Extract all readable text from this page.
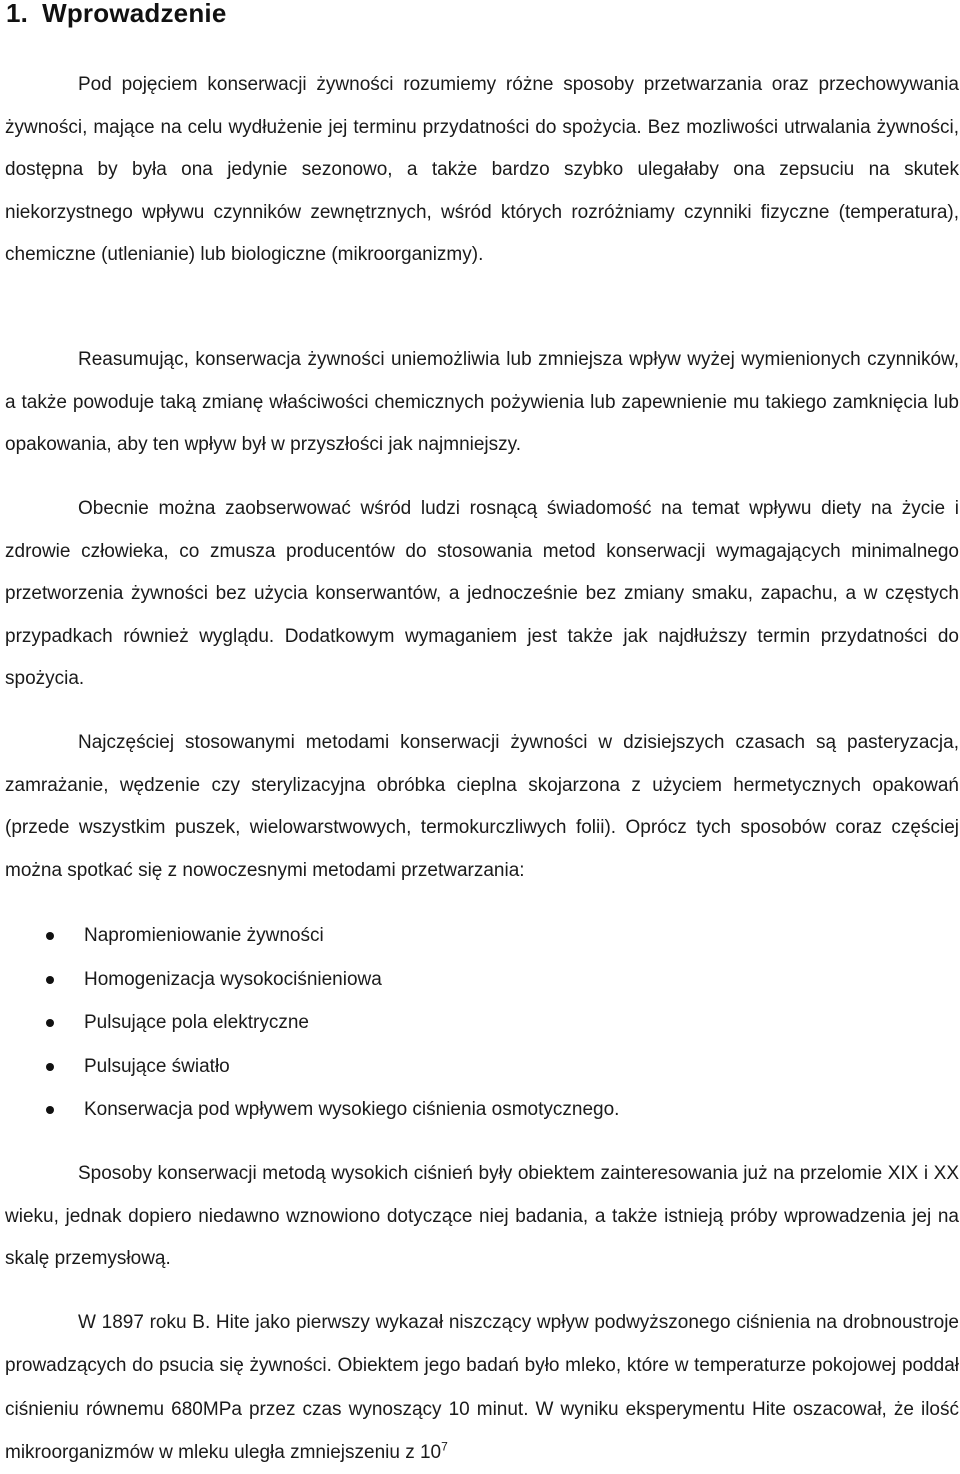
1. Wprowadzenie

Pod pojęciem konserwacji żywności rozumiemy różne sposoby przetwarzania oraz przechowywania żywności, mające na celu wydłużenie jej terminu przydatności do spożycia. Bez mozliwości utrwalania żywności, dostępna by była ona jedynie sezonowo, a także bardzo szybko ulegałaby ona zepsuciu na skutek niekorzystnego wpływu czynników zewnętrznych, wśród których rozróżniamy czynniki fizyczne (temperatura), chemiczne (utlenianie) lub biologiczne (mikroorganizmy).

Reasumując, konserwacja żywności uniemożliwia lub zmniejsza wpływ wyżej wymienionych czynników, a także powoduje taką zmianę właściwości chemicznych pożywienia lub zapewnienie mu takiego zamknięcia lub opakowania, aby ten wpływ był w przyszłości jak najmniejszy.

Obecnie można zaobserwować wśród ludzi rosnącą świadomość na temat wpływu diety na życie i zdrowie człowieka, co zmusza producentów do stosowania metod konserwacji wymagających minimalnego przetworzenia żywności bez użycia konserwantów, a jednocześnie bez zmiany smaku, zapachu, a w częstych przypadkach również wyglądu. Dodatkowym wymaganiem jest także jak najdłuższy termin przydatności do spożycia.

Najczęściej stosowanymi metodami konserwacji żywności w dzisiejszych czasach są pasteryzacja, zamrażanie, wędzenie czy sterylizacyjna obróbka cieplna skojarzona z użyciem hermetycznych opakowań (przede wszystkim puszek, wielowarstwowych, termokurczliwych folii). Oprócz tych sposobów coraz częściej można spotkać się z nowoczesnymi metodami przetwarzania:

Napromieniowanie żywności
Homogenizacja wysokociśnieniowa
Pulsujące pola elektryczne
Pulsujące światło
Konserwacja pod wpływem wysokiego ciśnienia osmotycznego.

Sposoby konserwacji metodą wysokich ciśnień były obiektem zainteresowania już na przelomie XIX i XX wieku, jednak dopiero niedawno wznowiono dotyczące niej badania, a także istnieją próby wprowadzenia jej na skalę przemysłową.

W 1897 roku B. Hite jako pierwszy wykazał niszczący wpływ podwyższonego ciśnienia na drobnoustroje prowadzących do psucia się żywności. Obiektem jego badań było mleko, które w temperaturze pokojowej poddał ciśnieniu równemu 680MPa przez czas wynoszący 10 minut. W wyniku eksperymentu Hite oszacował, że ilość mikroorganizmów w mleku uległa zmniejszeniu z $10^7$
